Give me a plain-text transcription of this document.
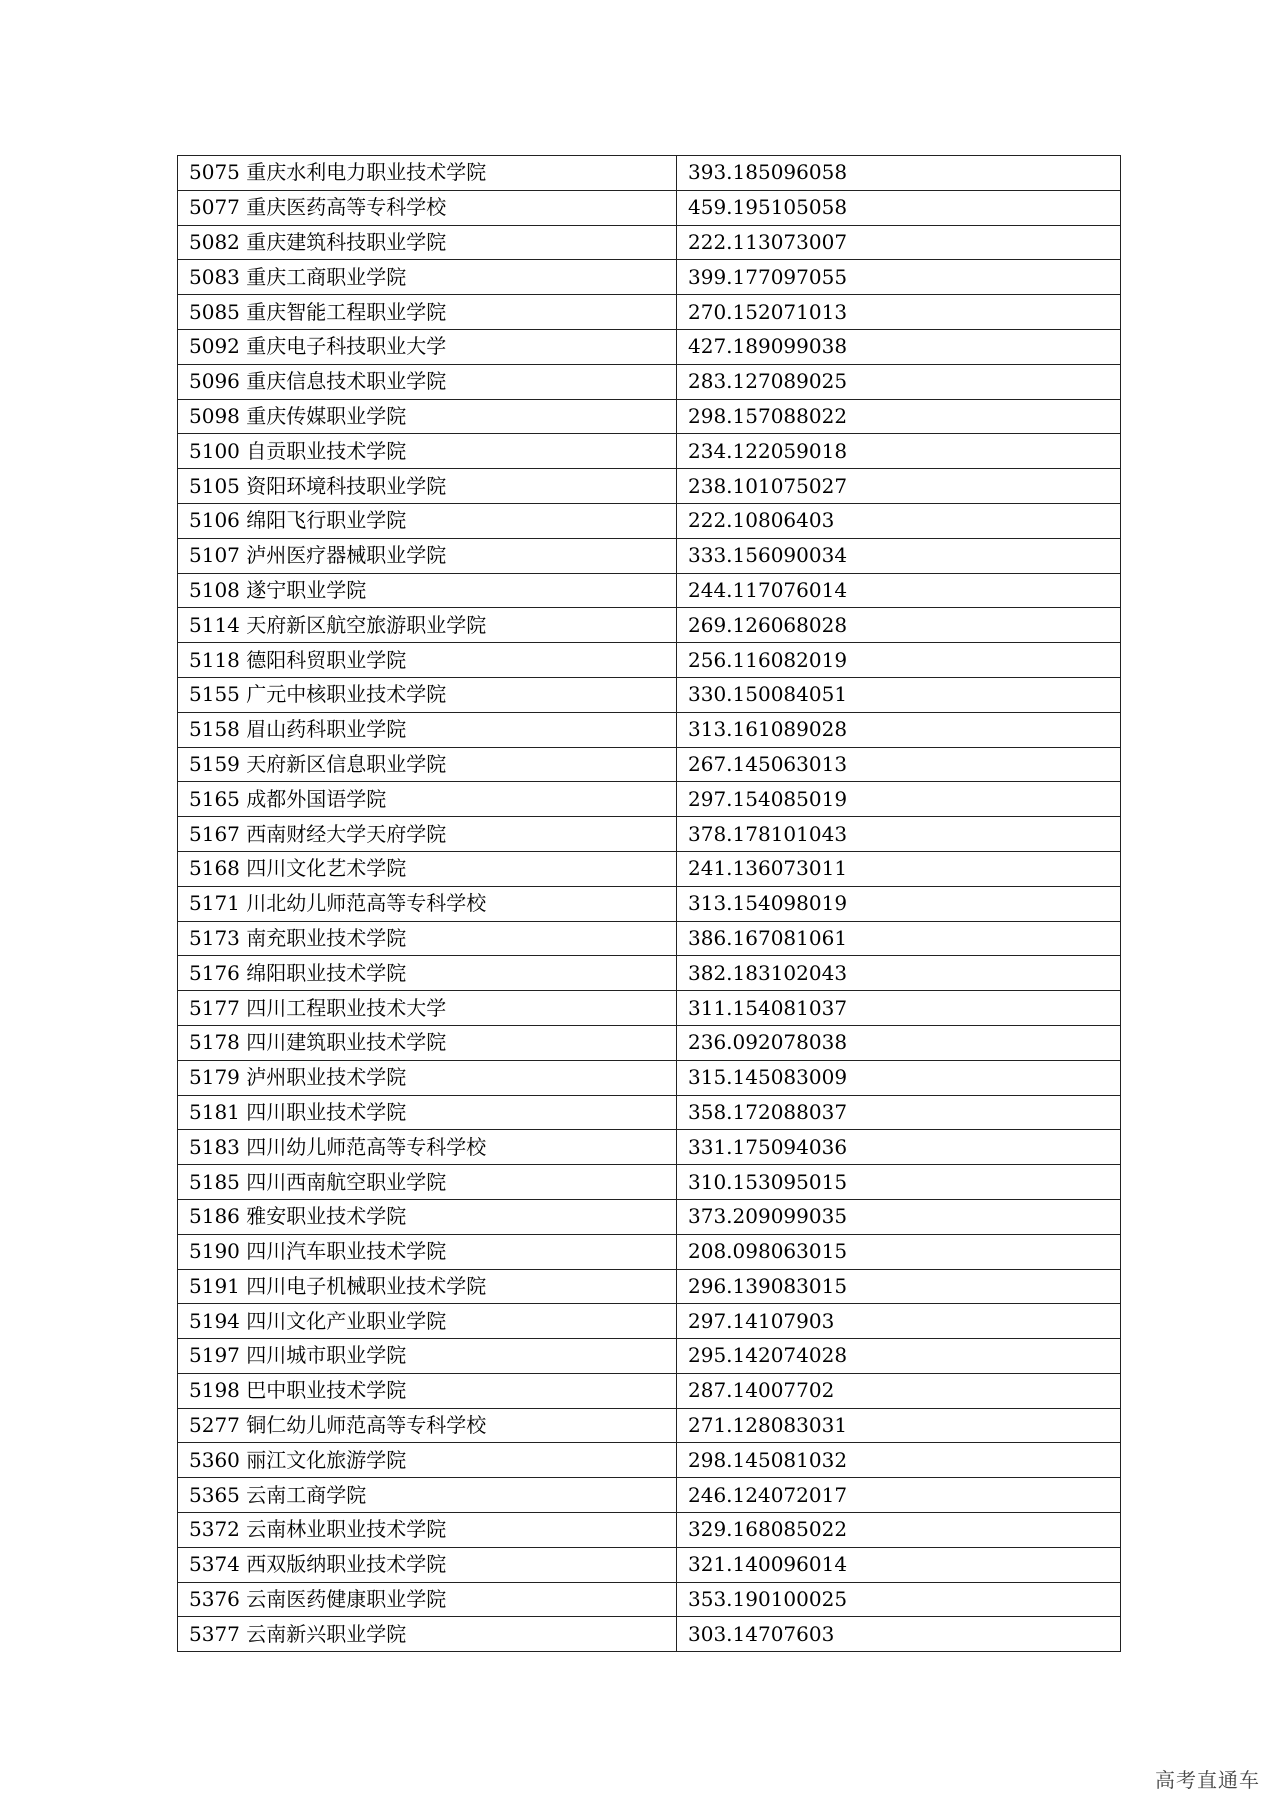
5075 重庆水利电力职业技术学院	393.185096058
5077 重庆医药高等专科学校	459.195105058
5082 重庆建筑科技职业学院	222.113073007
5083 重庆工商职业学院	399.177097055
5085 重庆智能工程职业学院	270.152071013
5092 重庆电子科技职业大学	427.189099038
5096 重庆信息技术职业学院	283.127089025
5098 重庆传媒职业学院	298.157088022
5100 自贡职业技术学院	234.122059018
5105 资阳环境科技职业学院	238.101075027
5106 绵阳飞行职业学院	222.10806403
5107 泸州医疗器械职业学院	333.156090034
5108 遂宁职业学院	244.117076014
5114 天府新区航空旅游职业学院	269.126068028
5118 德阳科贸职业学院	256.116082019
5155 广元中核职业技术学院	330.150084051
5158 眉山药科职业学院	313.161089028
5159 天府新区信息职业学院	267.145063013
5165 成都外国语学院	297.154085019
5167 西南财经大学天府学院	378.178101043
5168 四川文化艺术学院	241.136073011
5171 川北幼儿师范高等专科学校	313.154098019
5173 南充职业技术学院	386.167081061
5176 绵阳职业技术学院	382.183102043
5177 四川工程职业技术大学	311.154081037
5178 四川建筑职业技术学院	236.092078038
5179 泸州职业技术学院	315.145083009
5181 四川职业技术学院	358.172088037
5183 四川幼儿师范高等专科学校	331.175094036
5185 四川西南航空职业学院	310.153095015
5186 雅安职业技术学院	373.209099035
5190 四川汽车职业技术学院	208.098063015
5191 四川电子机械职业技术学院	296.139083015
5194 四川文化产业职业学院	297.14107903
5197 四川城市职业学院	295.142074028
5198 巴中职业技术学院	287.14007702
5277 铜仁幼儿师范高等专科学校	271.128083031
5360 丽江文化旅游学院	298.145081032
5365 云南工商学院	246.124072017
5372 云南林业职业技术学院	329.168085022
5374 西双版纳职业技术学院	321.140096014
5376 云南医药健康职业学院	353.190100025
5377 云南新兴职业学院	303.14707603
高考直通车
